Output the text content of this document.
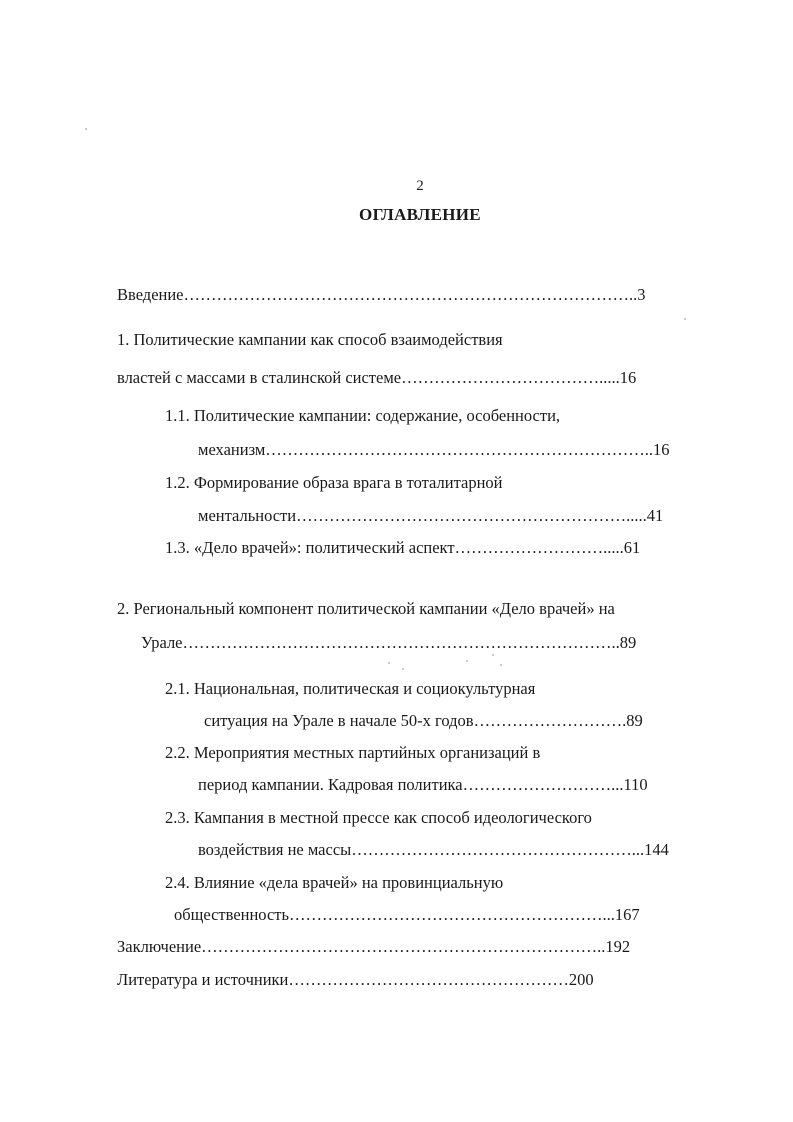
2
ОГЛАВЛЕНИЕ
Введение………………………………………………………………………..3
1. Политические кампании как способ взаимодействия
властей с массами в сталинской системе……………………………….....16
1.1. Политические кампании: содержание, особенности,
механизм……………………………………………………………..16
1.2. Формирование образа врага в тоталитарной
ментальности…………………………………………………….....41
1.3. «Дело врачей»: политический аспект……………………….....61
2. Региональный компонент политической кампании «Дело врачей» на
Урале……………………………………………………………………..89
2.1. Национальная, политическая и социокультурная
ситуация на Урале в начале 50-х годов……………………….89
2.2. Мероприятия местных партийных организаций в
период кампании. Кадровая политика………………………...110
2.3. Кампания в местной прессе как способ идеологического
воздействия не массы……………………………………………...144
2.4. Влияние «дела врачей» на провинциальную
общественность…………………………………………………...167
Заключение………………………………………………………………..192
Литература и источники……………………………………………200
